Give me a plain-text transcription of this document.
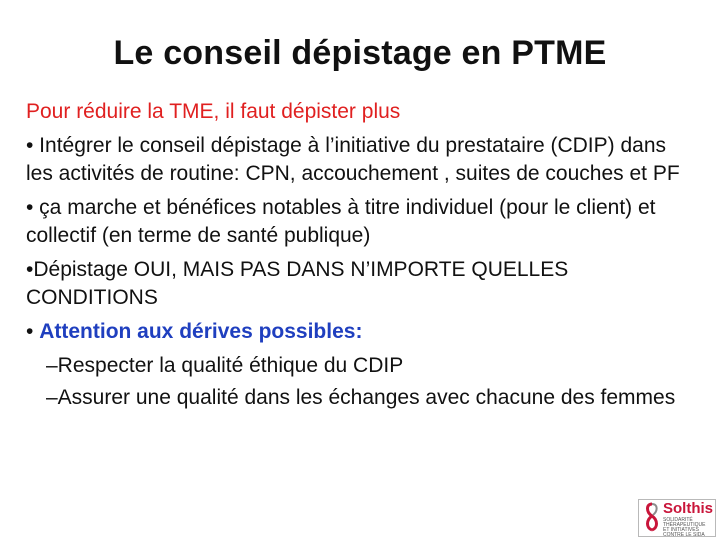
Le conseil dépistage en PTME
Pour réduire la TME, il faut dépister plus
• Intégrer le conseil dépistage à l’initiative du prestataire (CDIP) dans les activités de routine: CPN, accouchement , suites de couches et PF
• ça marche et bénéfices notables à titre individuel (pour le client) et collectif (en terme de santé publique)
•Dépistage OUI, MAIS PAS DANS N’IMPORTE QUELLES CONDITIONS
• Attention aux dérives possibles:
–Respecter la qualité éthique du CDIP
–Assurer une qualité dans les échanges avec chacune des femmes
Solthis
SOLIDARITÉ THÉRAPEUTIQUE ET INITIATIVES CONTRE LE SIDA
